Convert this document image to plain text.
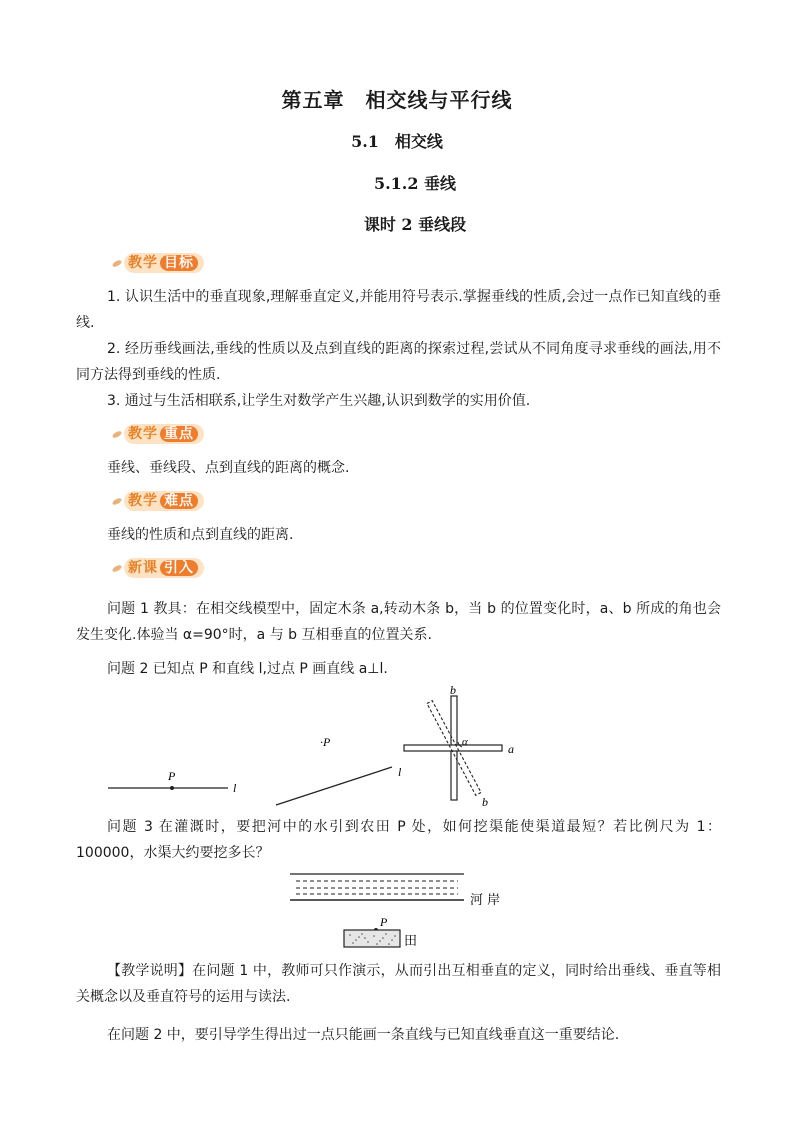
第五章　相交线与平行线
5.1　相交线
5.1.2 垂线
课时 2 垂线段
教学 目标
1. 认识生活中的垂直现象,理解垂直定义,并能用符号表示.掌握垂线的性质,会过一点作已知直线的垂线.
2. 经历垂线画法,垂线的性质以及点到直线的距离的探索过程,尝试从不同角度寻求垂线的画法,用不同方法得到垂线的性质.
3. 通过与生活相联系,让学生对数学产生兴趣,认识到数学的实用价值.
教学 重点
垂线、垂线段、点到直线的距离的概念.
教学 难点
垂线的性质和点到直线的距离.
新课 引入
问题 1 教具：在相交线模型中，固定木条 a,转动木条 b，当 b 的位置变化时，a、b 所成的角也会发生变化.体验当 α=90°时，a 与 b 互相垂直的位置关系.
问题 2 已知点 P 和直线 l,过点 P 画直线 a⊥l.
P
l
·P
l
b
α	a
b
问题 3 在灌溉时，要把河中的水引到农田 P 处，如何挖渠能使渠道最短？若比例尺为 1：100000，水渠大约要挖多长？
河 岸
P
田
【教学说明】在问题 1 中，教师可只作演示，从而引出互相垂直的定义，同时给出垂线、垂直等相关概念以及垂直符号的运用与读法.
在问题 2 中，要引导学生得出过一点只能画一条直线与已知直线垂直这一重要结论.
